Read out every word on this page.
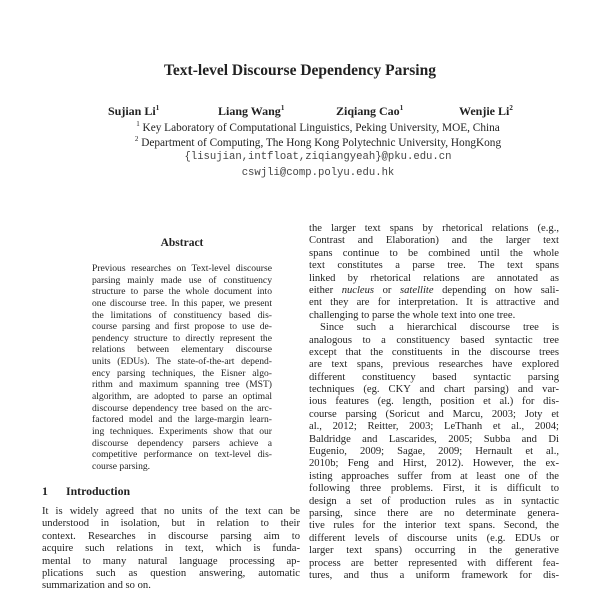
Text-level Discourse Dependency Parsing
Sujian Li$^1$	Liang Wang$^1$	Ziqiang Cao$^1$	Wenjie Li$^2$
$^1$ Key Laboratory of Computational Linguistics, Peking University, MOE, China
$^2$ Department of Computing, The Hong Kong Polytechnic University, HongKong
{lisujian,intfloat,ziqiangyeah}@pku.edu.cn
cswjli@comp.polyu.edu.hk
Abstract
Previous researches on Text-level discourse
parsing mainly made use of constituency
structure to parse the whole document into
one discourse tree. In this paper, we present
the limitations of constituency based dis-
course parsing and first propose to use de-
pendency structure to directly represent the
relations between elementary discourse
units (EDUs). The state-of-the-art depend-
ency parsing techniques, the Eisner algo-
rithm and maximum spanning tree (MST)
algorithm, are adopted to parse an optimal
discourse dependency tree based on the arc-
factored model and the large-margin learn-
ing techniques. Experiments show that our
discourse dependency parsers achieve a
competitive performance on text-level dis-
course parsing.
1 Introduction
It is widely agreed that no units of the text can be
understood in isolation, but in relation to their
context. Researches in discourse parsing aim to
acquire such relations in text, which is funda-
mental to many natural language processing ap-
plications such as question answering, automatic
summarization and so on.
the larger text spans by rhetorical relations (e.g.,
Contrast and Elaboration) and the larger text
spans continue to be combined until the whole
text constitutes a parse tree. The text spans
linked by rhetorical relations are annotated as
either nucleus or satellite depending on how sali-
ent they are for interpretation. It is attractive and
challenging to parse the whole text into one tree.
Since such a hierarchical discourse tree is
analogous to a constituency based syntactic tree
except that the constituents in the discourse trees
are text spans, previous researches have explored
different constituency based syntactic parsing
techniques (eg. CKY and chart parsing) and var-
ious features (eg. length, position et al.) for dis-
course parsing (Soricut and Marcu, 2003; Joty et
al., 2012; Reitter, 2003; LeThanh et al., 2004;
Baldridge and Lascarides, 2005; Subba and Di
Eugenio, 2009; Sagae, 2009; Hernault et al.,
2010b; Feng and Hirst, 2012). However, the ex-
isting approaches suffer from at least one of the
following three problems. First, it is difficult to
design a set of production rules as in syntactic
parsing, since there are no determinate genera-
tive rules for the interior text spans. Second, the
different levels of discourse units (e.g. EDUs or
larger text spans) occurring in the generative
process are better represented with different fea-
tures, and thus a uniform framework for dis-
